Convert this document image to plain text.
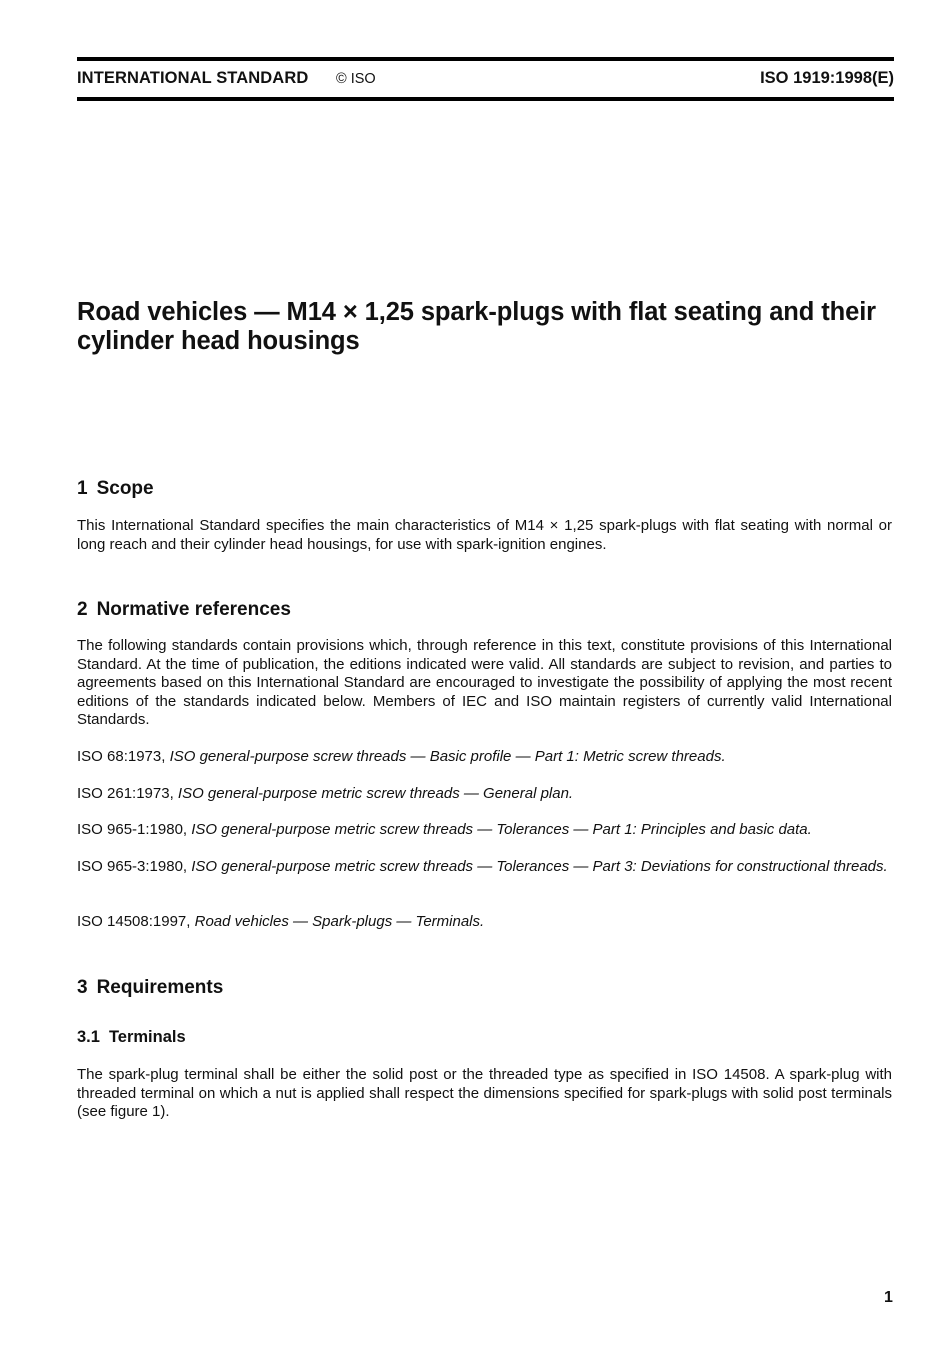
INTERNATIONAL STANDARD © ISO	ISO 1919:1998(E)
Road vehicles — M14 × 1,25 spark-plugs with flat seating and their cylinder head housings
1 Scope

This International Standard specifies the main characteristics of M14 × 1,25 spark-plugs with flat seating with normal or long reach and their cylinder head housings, for use with spark-ignition engines.

2 Normative references

The following standards contain provisions which, through reference in this text, constitute provisions of this International Standard. At the time of publication, the editions indicated were valid. All standards are subject to revision, and parties to agreements based on this International Standard are encouraged to investigate the possibility of applying the most recent editions of the standards indicated below. Members of IEC and ISO maintain registers of currently valid International Standards.

ISO 68:1973, ISO general-purpose screw threads — Basic profile — Part 1: Metric screw threads.

ISO 261:1973, ISO general-purpose metric screw threads — General plan.

ISO 965-1:1980, ISO general-purpose metric screw threads — Tolerances — Part 1: Principles and basic data.

ISO 965-3:1980, ISO general-purpose metric screw threads — Tolerances — Part 3: Deviations for constructional threads.

ISO 14508:1997, Road vehicles — Spark-plugs — Terminals.

3 Requirements
3.1 Terminals

The spark-plug terminal shall be either the solid post or the threaded type as specified in ISO 14508. A spark-plug with threaded terminal on which a nut is applied shall respect the dimensions specified for spark-plugs with solid post terminals (see figure 1).

1
